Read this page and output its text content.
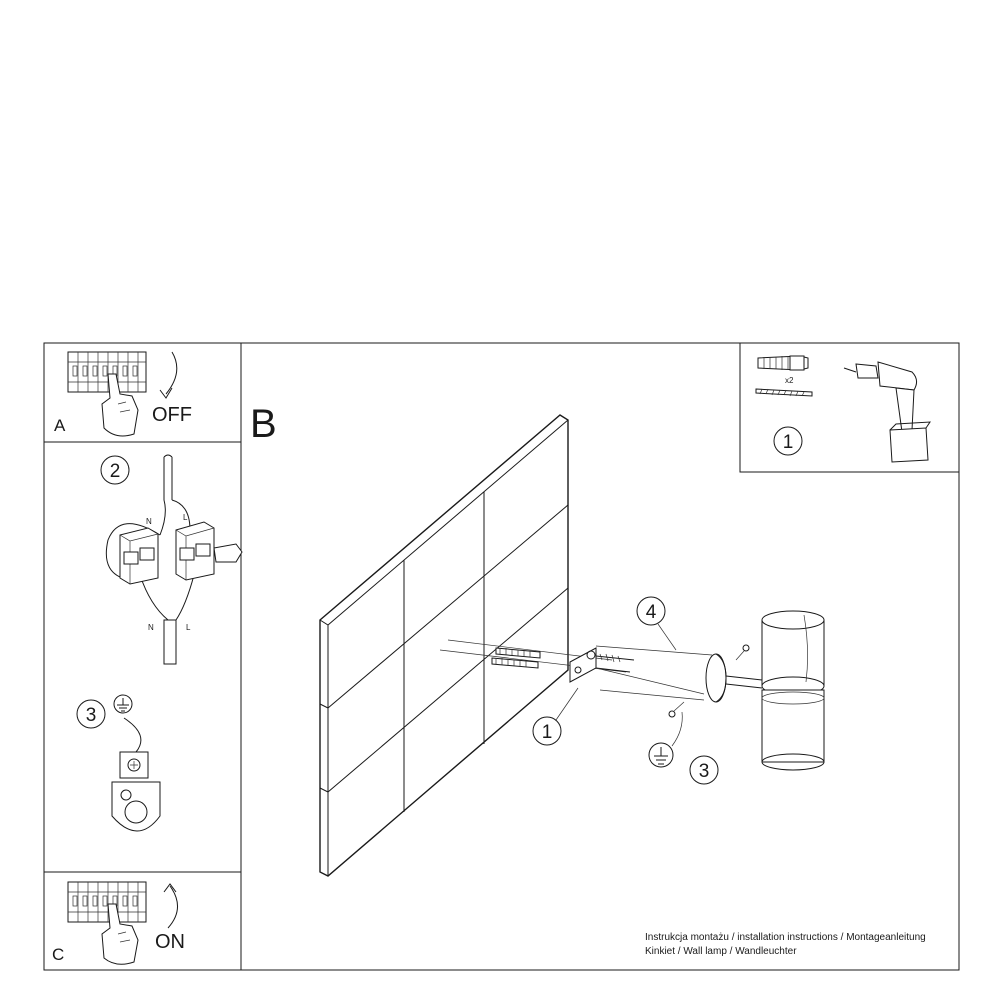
A	OFF
2
N	L
N	L
3
C
ON
B
4
1
3
Instrukcja montażu / installation instructions / Montageanleitung
Kinkiet / Wall lamp / Wandleuchter
x2
1
